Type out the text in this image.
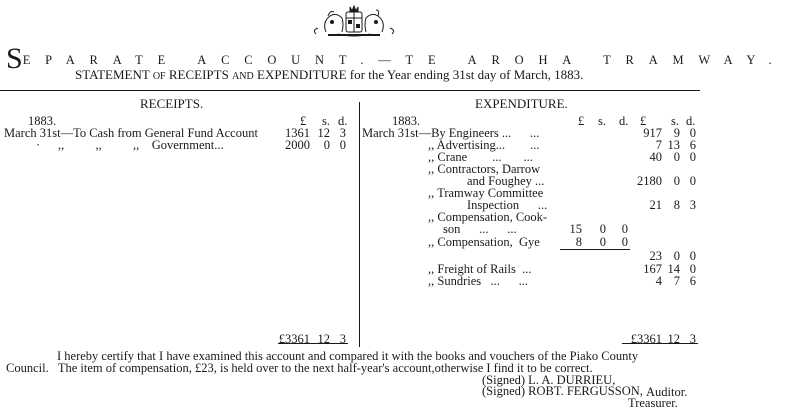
SEPARATE ACCOUNT.—TE AROHA TRAMWAY.
STATEMENT OF RECEIPTS AND EXPENDITURE for the Year ending 31st day of March, 1883.
RECEIPTS.
1883.	£ s. d.
March 31st—To Cash from General Fund Account	1361 12 3
,,          ,,          ,,    Government...	2000	0 0
·
£3361 12 3
EXPENDITURE.
1883.	£ s. d. £ s. d.
March 31st—By Engineers ...      ...	917 9 0
,, Advertising...        ...	7 13 6
,, Crane        ...       ...	40 0 0
,, Contractors, Darrow
and Foughey ...	2180 0 0
,, Tramway Committee
Inspection      ...	21 8 3
,, Compensation, Cook-
son      ...      ...	15	0	0
,, Compensation,  Gye	8	0	0
23 0 0
,, Freight of Rails  ...	167 14 0
,, Sundries   ...      ...	4 7 6
£3361 12 3
I hereby certify that I have examined this account and compared it with the books and vouchers of the Piako County
Council.   The item of compensation, £23, is held over to the next half-year's account,otherwise I find it to be correct.
(Signed) L. A. DURRIEU,
Auditor.
(Signed) ROBT. FERGUSSON,
Treasurer.
